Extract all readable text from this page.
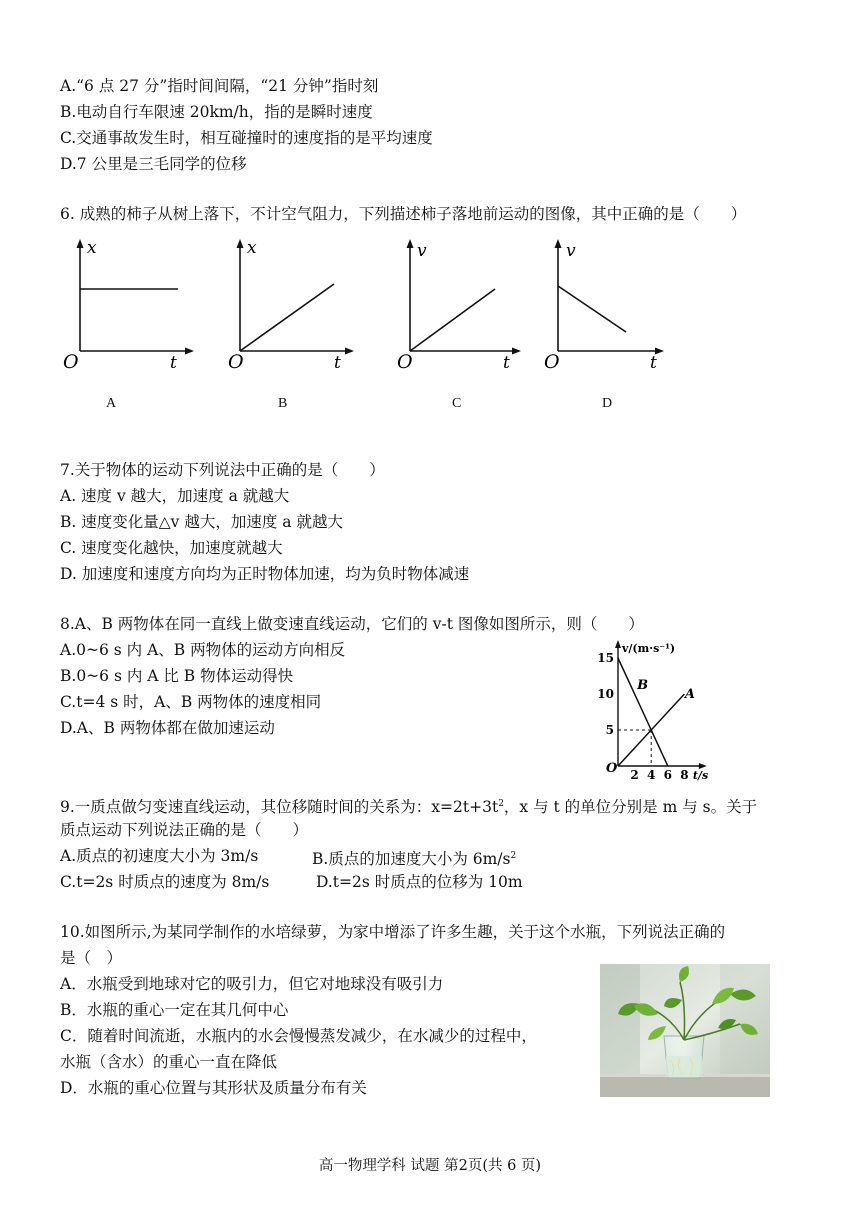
A.“6 点 27 分”指时间间隔，“21 分钟”指时刻
B.电动自行车限速 20km/h，指的是瞬时速度
C.交通事故发生时，相互碰撞时的速度指的是平均速度
D.7 公里是三毛同学的位移
6. 成熟的柿子从树上落下，不计空气阻力，下列描述柿子落地前运动的图像，其中正确的是（　　）
x
O	t
x
O	t
v
O	t
v
O	t
A	B	C	D
7.关于物体的运动下列说法中正确的是（　　）
A. 速度 v 越大，加速度 a 就越大
B. 速度变化量△v 越大，加速度 a 就越大
C. 速度变化越快，加速度就越大
D. 加速度和速度方向均为正时物体加速，均为负时物体减速
8.A、B 两物体在同一直线上做变速直线运动，它们的 v-t 图像如图所示，则（　　）
A.0~6 s 内 A、B 两物体的运动方向相反
B.0~6 s 内 A 比 B 物体运动得快
C.t=4 s 时，A、B 两物体的速度相同
D.A、B 两物体都在做加速运动
A
B
2 4 6 8
5
10
15
O
v/(m·s⁻¹)
t/s
9.一质点做匀变速直线运动，其位移随时间的关系为：$x=2t+3t^2$，x 与 t 的单位分别是 m 与 s。关于
质点运动下列说法正确的是（　　）
A.质点的初速度大小为 3m/s	B.质点的加速度大小为 $6m/s^2$
C.t=2s 时质点的速度为 8m/s	D.t=2s 时质点的位移为 10m
10.如图所示,为某同学制作的水培绿萝，为家中增添了许多生趣，关于这个水瓶，下列说法正确的
是（　）
A．水瓶受到地球对它的吸引力，但它对地球没有吸引力
B．水瓶的重心一定在其几何中心
C．随着时间流逝，水瓶内的水会慢慢蒸发减少，在水减少的过程中，
水瓶（含水）的重心一直在降低
D．水瓶的重心位置与其形状及质量分布有关
高一物理学科 试题 第2页(共 6 页)
